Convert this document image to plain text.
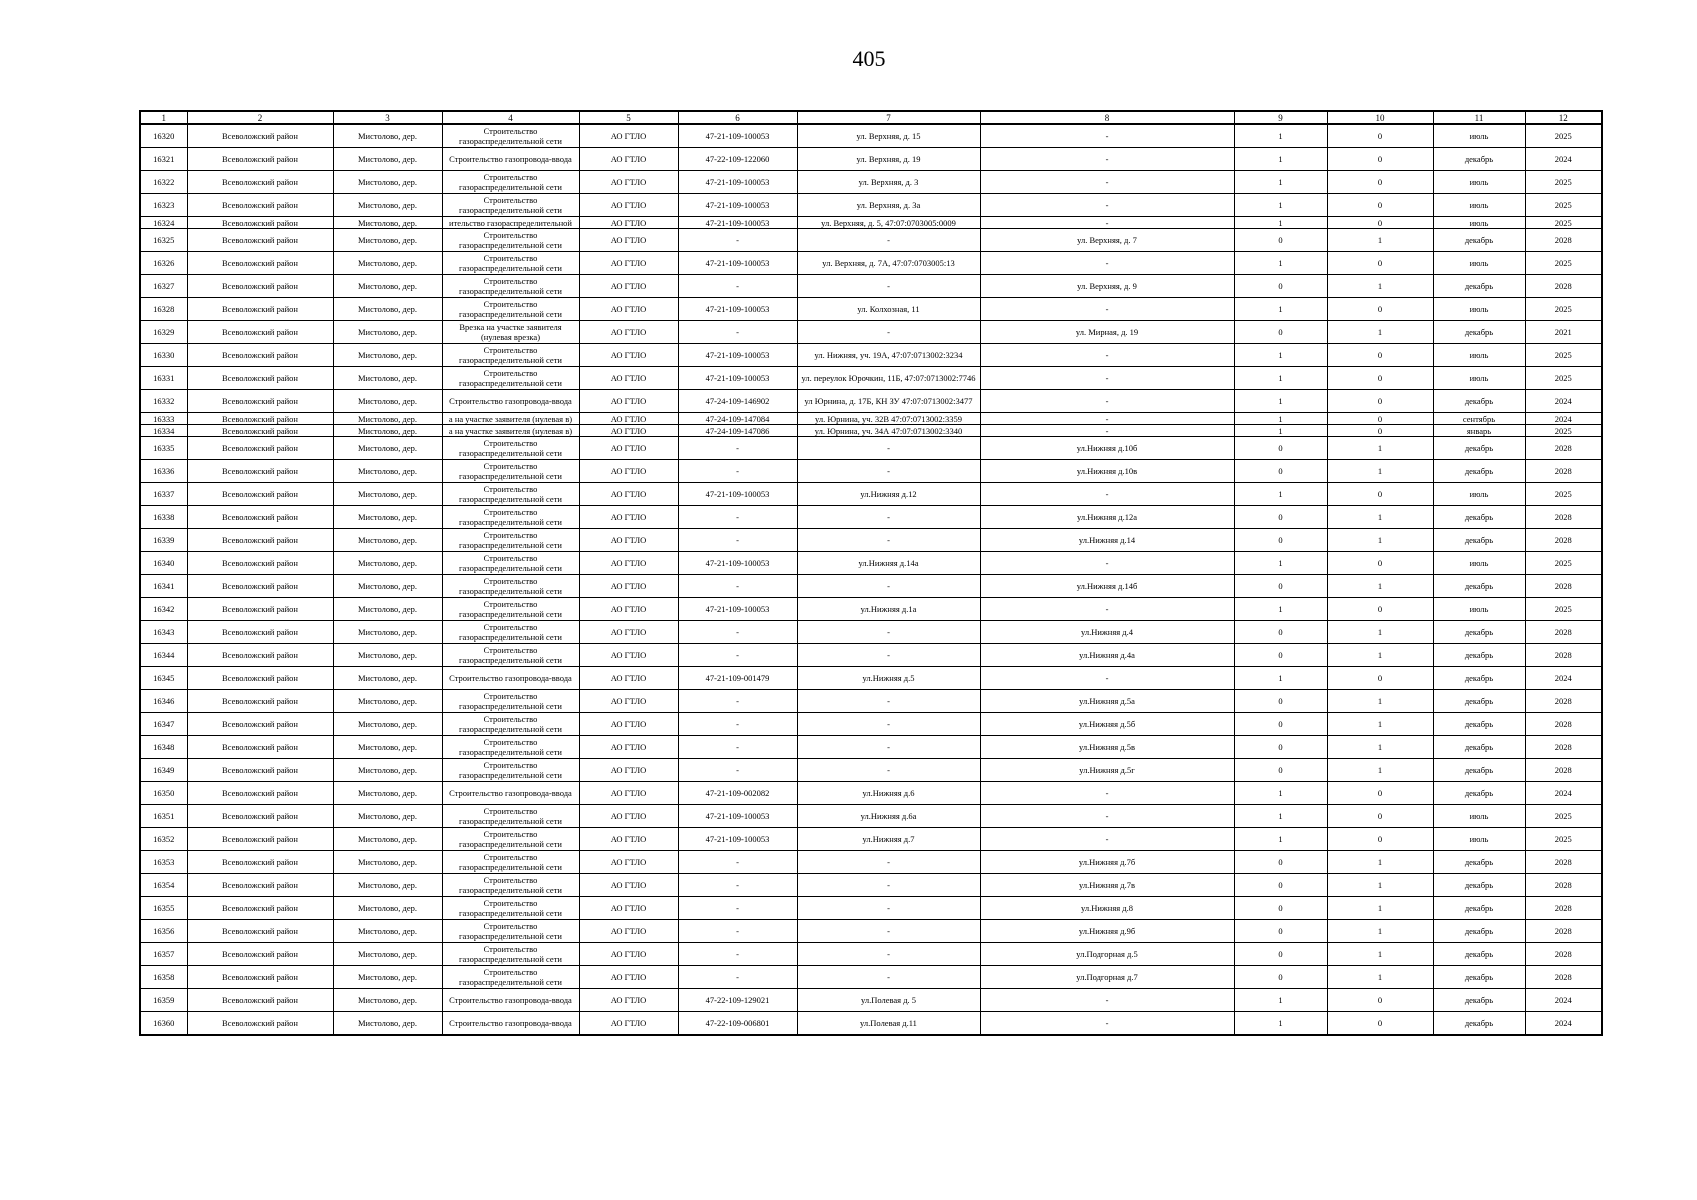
405
1	2	3	4	5	6	7	8	9	10	11	12
16320	Всеволожский район	Мистолово, дер.	Строительство газораспределительной сети	АО ГТЛО	47-21-109-100053	ул. Верхняя, д. 15	-	1	0	июль	2025
16321	Всеволожский район	Мистолово, дер.	Строительство газопровода-ввода	АО ГТЛО	47-22-109-122060	ул. Верхняя, д. 19	-	1	0	декабрь	2024
16322	Всеволожский район	Мистолово, дер.	Строительство газораспределительной сети	АО ГТЛО	47-21-109-100053	ул. Верхняя, д. 3	-	1	0	июль	2025
16323	Всеволожский район	Мистолово, дер.	Строительство газораспределительной сети	АО ГТЛО	47-21-109-100053	ул. Верхняя, д. 3а	-	1	0	июль	2025
16324	Всеволожский район	Мистолово, дер.	ительство газораспределительной	АО ГТЛО	47-21-109-100053	ул. Верхняя, д. 5, 47:07:0703005:0009	-	1	0	июль	2025
16325	Всеволожский район	Мистолово, дер.	Строительство газораспределительной сети	АО ГТЛО	-	-	ул. Верхняя, д. 7	0	1	декабрь	2028
16326	Всеволожский район	Мистолово, дер.	Строительство газораспределительной сети	АО ГТЛО	47-21-109-100053	ул. Верхняя, д. 7А, 47:07:0703005:13	-	1	0	июль	2025
16327	Всеволожский район	Мистолово, дер.	Строительство газораспределительной сети	АО ГТЛО	-	-	ул. Верхняя, д. 9	0	1	декабрь	2028
16328	Всеволожский район	Мистолово, дер.	Строительство газораспределительной сети	АО ГТЛО	47-21-109-100053	ул. Колхозная, 11	-	1	0	июль	2025
16329	Всеволожский район	Мистолово, дер.	Врезка на участке заявителя (нулевая врезка)	АО ГТЛО	-	-	ул. Мирная, д. 19	0	1	декабрь	2021
16330	Всеволожский район	Мистолово, дер.	Строительство газораспределительной сети	АО ГТЛО	47-21-109-100053	ул. Нижняя, уч. 19А, 47:07:0713002:3234	-	1	0	июль	2025
16331	Всеволожский район	Мистолово, дер.	Строительство газораспределительной сети	АО ГТЛО	47-21-109-100053	ул. переулок Юрочкин, 11Б, 47:07:0713002:7746	-	1	0	июль	2025
16332	Всеволожский район	Мистолово, дер.	Строительство газопровода-ввода	АО ГТЛО	47-24-109-146902	ул Юрнина, д. 17Б, КН ЗУ 47:07:0713002:3477	-	1	0	декабрь	2024
16333	Всеволожский район	Мистолово, дер.	а на участке заявителя (нулевая в)	АО ГТЛО	47-24-109-147084	ул. Юрнина, уч. 32В 47:07:0713002:3359	-	1	0	сентябрь	2024
16334	Всеволожский район	Мистолово, дер.	а на участке заявителя (нулевая в)	АО ГТЛО	47-24-109-147086	ул. Юрнина, уч. 34А 47:07:0713002:3340	-	1	0	январь	2025
16335	Всеволожский район	Мистолово, дер.	Строительство газораспределительной сети	АО ГТЛО	-	-	ул.Нижняя д.10б	0	1	декабрь	2028
16336	Всеволожский район	Мистолово, дер.	Строительство газораспределительной сети	АО ГТЛО	-	-	ул.Нижняя д.10в	0	1	декабрь	2028
16337	Всеволожский район	Мистолово, дер.	Строительство газораспределительной сети	АО ГТЛО	47-21-109-100053	ул.Нижняя д.12	-	1	0	июль	2025
16338	Всеволожский район	Мистолово, дер.	Строительство газораспределительной сети	АО ГТЛО	-	-	ул.Нижняя д.12а	0	1	декабрь	2028
16339	Всеволожский район	Мистолово, дер.	Строительство газораспределительной сети	АО ГТЛО	-	-	ул.Нижняя д.14	0	1	декабрь	2028
16340	Всеволожский район	Мистолово, дер.	Строительство газораспределительной сети	АО ГТЛО	47-21-109-100053	ул.Нижняя д.14а	-	1	0	июль	2025
16341	Всеволожский район	Мистолово, дер.	Строительство газораспределительной сети	АО ГТЛО	-	-	ул.Нижняя д.14б	0	1	декабрь	2028
16342	Всеволожский район	Мистолово, дер.	Строительство газораспределительной сети	АО ГТЛО	47-21-109-100053	ул.Нижняя д.1а	-	1	0	июль	2025
16343	Всеволожский район	Мистолово, дер.	Строительство газораспределительной сети	АО ГТЛО	-	-	ул.Нижняя д.4	0	1	декабрь	2028
16344	Всеволожский район	Мистолово, дер.	Строительство газораспределительной сети	АО ГТЛО	-	-	ул.Нижняя д.4а	0	1	декабрь	2028
16345	Всеволожский район	Мистолово, дер.	Строительство газопровода-ввода	АО ГТЛО	47-21-109-001479	ул.Нижняя д.5	-	1	0	декабрь	2024
16346	Всеволожский район	Мистолово, дер.	Строительство газораспределительной сети	АО ГТЛО	-	-	ул.Нижняя д.5а	0	1	декабрь	2028
16347	Всеволожский район	Мистолово, дер.	Строительство газораспределительной сети	АО ГТЛО	-	-	ул.Нижняя д.5б	0	1	декабрь	2028
16348	Всеволожский район	Мистолово, дер.	Строительство газораспределительной сети	АО ГТЛО	-	-	ул.Нижняя д.5в	0	1	декабрь	2028
16349	Всеволожский район	Мистолово, дер.	Строительство газораспределительной сети	АО ГТЛО	-	-	ул.Нижняя д.5г	0	1	декабрь	2028
16350	Всеволожский район	Мистолово, дер.	Строительство газопровода-ввода	АО ГТЛО	47-21-109-002082	ул.Нижняя д.6	-	1	0	декабрь	2024
16351	Всеволожский район	Мистолово, дер.	Строительство газораспределительной сети	АО ГТЛО	47-21-109-100053	ул.Нижняя д.6а	-	1	0	июль	2025
16352	Всеволожский район	Мистолово, дер.	Строительство газораспределительной сети	АО ГТЛО	47-21-109-100053	ул.Нижняя д.7	-	1	0	июль	2025
16353	Всеволожский район	Мистолово, дер.	Строительство газораспределительной сети	АО ГТЛО	-	-	ул.Нижняя д.7б	0	1	декабрь	2028
16354	Всеволожский район	Мистолово, дер.	Строительство газораспределительной сети	АО ГТЛО	-	-	ул.Нижняя д.7в	0	1	декабрь	2028
16355	Всеволожский район	Мистолово, дер.	Строительство газораспределительной сети	АО ГТЛО	-	-	ул.Нижняя д.8	0	1	декабрь	2028
16356	Всеволожский район	Мистолово, дер.	Строительство газораспределительной сети	АО ГТЛО	-	-	ул.Нижняя д.9б	0	1	декабрь	2028
16357	Всеволожский район	Мистолово, дер.	Строительство газораспределительной сети	АО ГТЛО	-	-	ул.Подгорная д.5	0	1	декабрь	2028
16358	Всеволожский район	Мистолово, дер.	Строительство газораспределительной сети	АО ГТЛО	-	-	ул.Подгорная д.7	0	1	декабрь	2028
16359	Всеволожский район	Мистолово, дер.	Строительство газопровода-ввода	АО ГТЛО	47-22-109-129021	ул.Полевая д. 5	-	1	0	декабрь	2024
16360	Всеволожский район	Мистолово, дер.	Строительство газопровода-ввода	АО ГТЛО	47-22-109-006801	ул.Полевая д.11	-	1	0	декабрь	2024
